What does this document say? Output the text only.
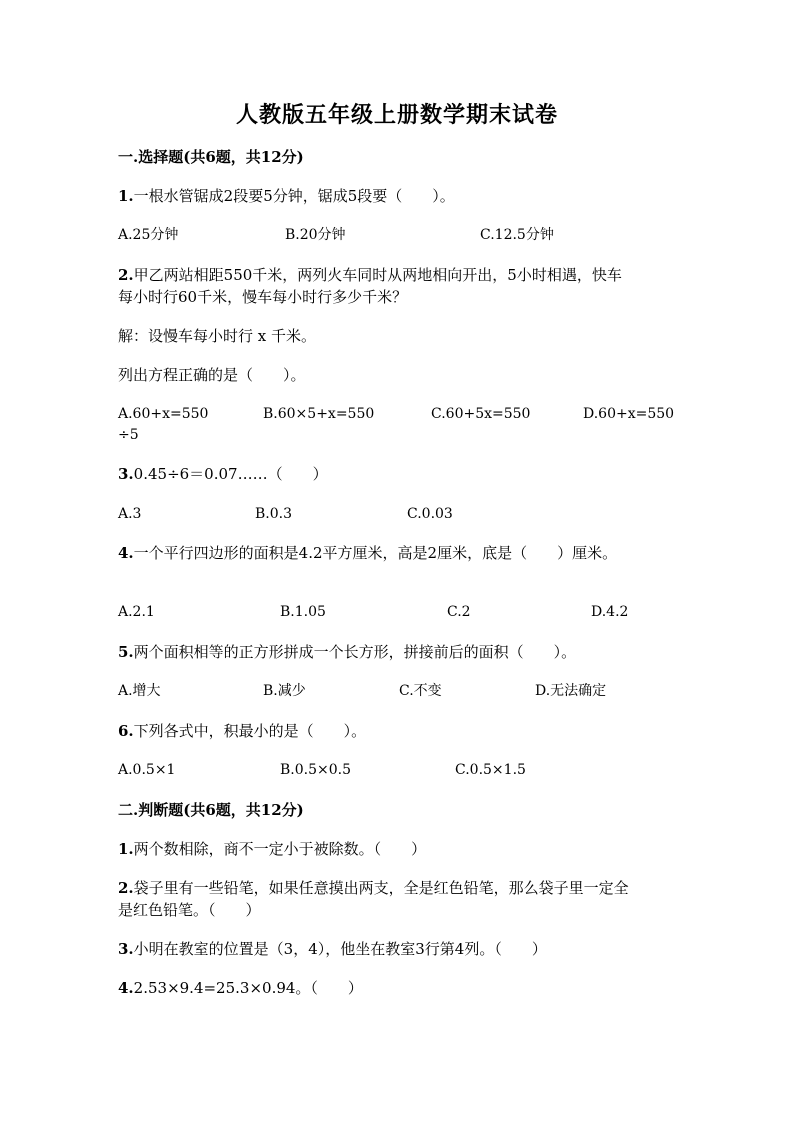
人教版五年级上册数学期末试卷
一.选择题(共6题，共12分)
1.一根水管锯成2段要5分钟，锯成5段要（　　）。
A.25分钟	B.20分钟	C.12.5分钟
2.甲乙两站相距550千米，两列火车同时从两地相向开出，5小时相遇，快车
每小时行60千米，慢车每小时行多少千米？
解：设慢车每小时行 x 千米。
列出方程正确的是（　　）。
A.60+x=550	B.60×5+x=550	C.60+5x=550	D.60+x=550
÷5
3.0.45÷6＝0.07……（　　）
A.3	B.0.3	C.0.03
4.一个平行四边形的面积是4.2平方厘米，高是2厘米，底是（　　）厘米。
A.2.1	B.1.05	C.2	D.4.2
5.两个面积相等的正方形拼成一个长方形，拼接前后的面积（　　）。
A.增大	B.减少	C.不变	D.无法确定
6.下列各式中，积最小的是（　　）。
A.0.5×1	B.0.5×0.5	C.0.5×1.5
二.判断题(共6题，共12分)
1.两个数相除，商不一定小于被除数。（　　）
2.袋子里有一些铅笔，如果任意摸出两支，全是红色铅笔，那么袋子里一定全
是红色铅笔。（　　）
3.小明在教室的位置是（3，4），他坐在教室3行第4列。（　　）
4.2.53×9.4=25.3×0.94。（　　）
